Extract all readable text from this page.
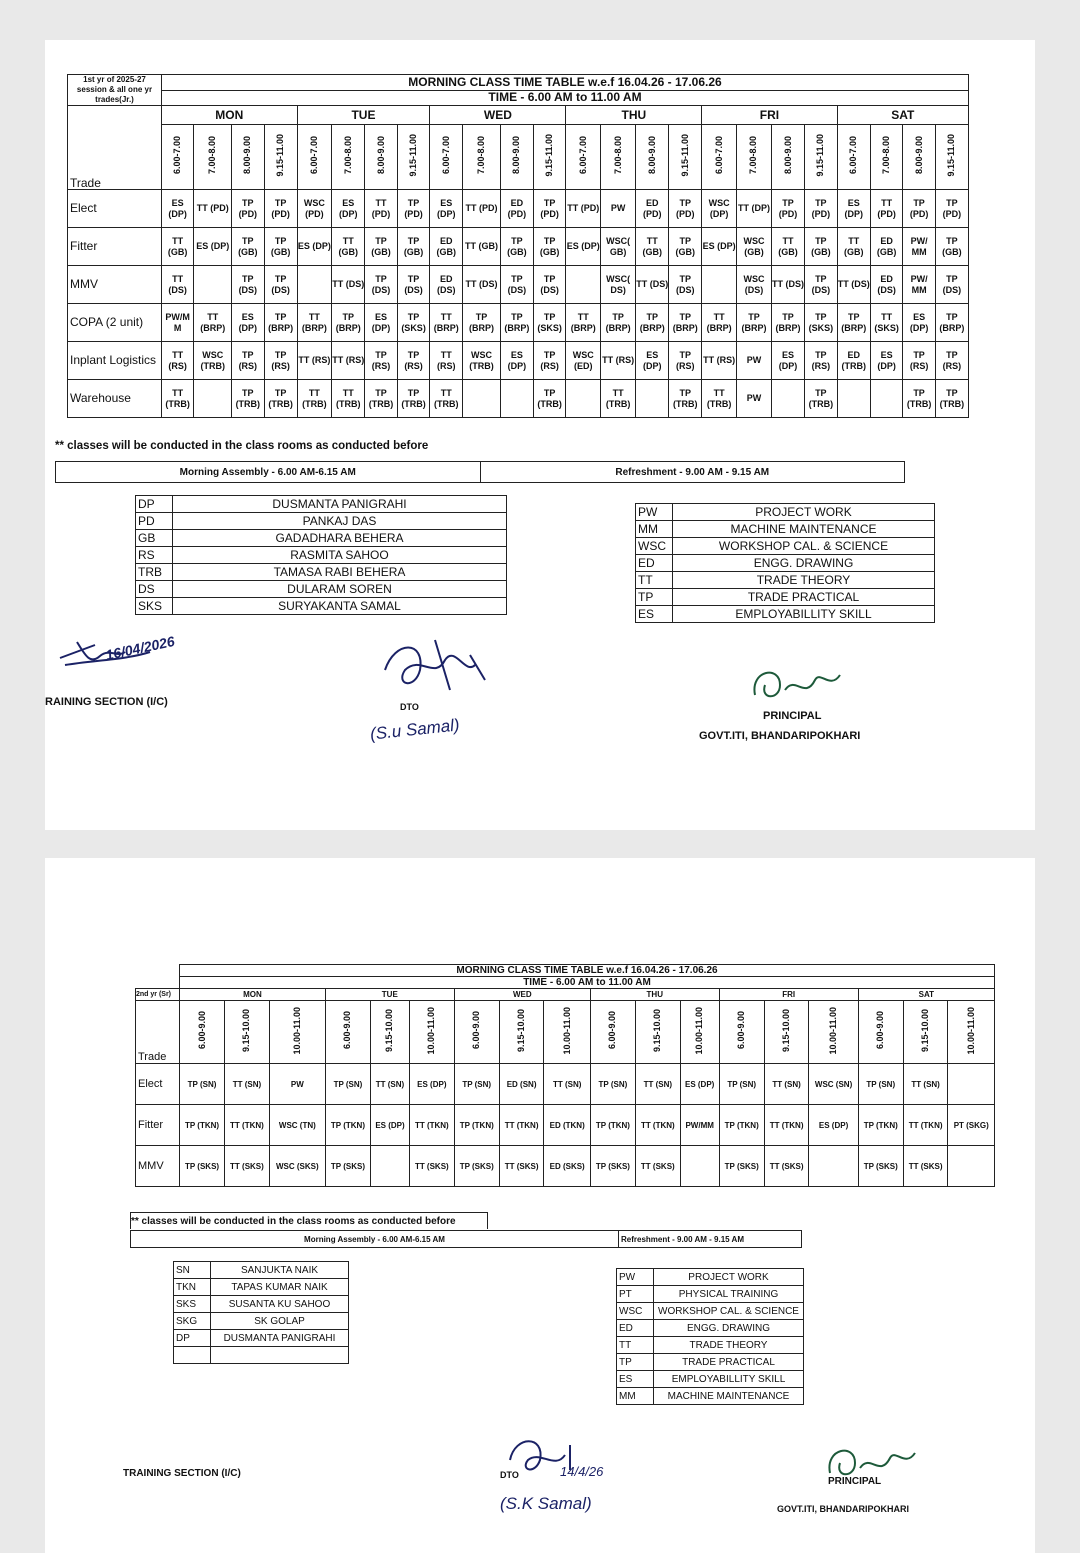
1st yr of 2025-27 session & all one yr trades(Jr.)	MORNING CLASS TIME TABLE w.e.f 16.04.26 - 17.06.26																							
	TIME - 6.00 AM to 11.00 AM																							
Trade	MON				TUE				WED				THU				FRI				SAT			
	6.00-7.00	7.00-8.00	8.00-9.00	9.15-11.00	6.00-7.00	7.00-8.00	8.00-9.00	9.15-11.00	6.00-7.00	7.00-8.00	8.00-9.00	9.15-11.00	6.00-7.00	7.00-8.00	8.00-9.00	9.15-11.00	6.00-7.00	7.00-8.00	8.00-9.00	9.15-11.00	6.00-7.00	7.00-8.00	8.00-9.00	9.15-11.00
Elect	ES (DP)	TT (PD)	TP (PD)	TP (PD)	WSC (PD)	ES (DP)	TT (PD)	TP (PD)	ES (DP)	TT (PD)	ED (PD)	TP (PD)	TT (PD)	PW	ED (PD)	TP (PD)	WSC (DP)	TT (DP)	TP (PD)	TP (PD)	ES (DP)	TT (PD)	TP (PD)	TP (PD)
Fitter	TT (GB)	ES (DP)	TP (GB)	TP (GB)	ES (DP)	TT (GB)	TP (GB)	TP (GB)	ED (GB)	TT (GB)	TP (GB)	TP (GB)	ES (DP)	WSC( GB)	TT (GB)	TP (GB)	ES (DP)	WSC (GB)	TT (GB)	TP (GB)	TT (GB)	ED (GB)	PW/ MM	TP (GB)
MMV	TT (DS)		TP (DS)	TP (DS)		TT (DS)	TP (DS)	TP (DS)	ED (DS)	TT (DS)	TP (DS)	TP (DS)		WSC( DS)	TT (DS)	TP (DS)		WSC (DS)	TT (DS)	TP (DS)	TT (DS)	ED (DS)	PW/ MM	TP (DS)
COPA (2 unit)	PW/M M	TT (BRP)	ES (DP)	TP (BRP)	TT (BRP)	TP (BRP)	ES (DP)	TP (SKS)	TT (BRP)	TP (BRP)	TP (BRP)	TP (SKS)	TT (BRP)	TP (BRP)	TP (BRP)	TP (BRP)	TT (BRP)	TP (BRP)	TP (BRP)	TP (SKS)	TP (BRP)	TT (SKS)	ES (DP)	TP (BRP)
Inplant Logistics	TT (RS)	WSC (TRB)	TP (RS)	TP (RS)	TT (RS)	TT (RS)	TP (RS)	TP (RS)	TT (RS)	WSC (TRB)	ES (DP)	TP (RS)	WSC (ED)	TT (RS)	ES (DP)	TP (RS)	TT (RS)	PW	ES (DP)	TP (RS)	ED (TRB)	ES (DP)	TP (RS)	TP (RS)
Warehouse	TT (TRB)		TP (TRB)	TP (TRB)	TT (TRB)	TT (TRB)	TP (TRB)	TP (TRB)	TT (TRB)			TP (TRB)		TT (TRB)		TP (TRB)	TT (TRB)	PW		TP (TRB)			TP (TRB)	TP (TRB)
** classes will be conducted in the class rooms as conducted before
Morning Assembly - 6.00 AM-6.15 AM	Refreshment - 9.00 AM - 9.15 AM
DP	DUSMANTA PANIGRAHI
PD	PANKAJ DAS
GB	GADADHARA BEHERA
RS	RASMITA SAHOO
TRB	TAMASA RABI BEHERA
DS	DULARAM SOREN
SKS	SURYAKANTA SAMAL
PW	PROJECT WORK
MM	MACHINE MAINTENANCE
WSC	WORKSHOP CAL. & SCIENCE
ED	ENGG. DRAWING
TT	TRADE THEORY
TP	TRADE PRACTICAL
ES	EMPLOYABILLITY SKILL
16/04/2026
RAINING SECTION (I/C)	DTO
(S.u Samal)	PRINCIPAL
GOVT.ITI, BHANDARIPOKHARI
	MORNING CLASS TIME TABLE w.e.f 16.04.26 - 17.06.26																	
	TIME - 6.00 AM to 11.00 AM																	
2nd yr (Sr)	MON			TUE			WED			THU			FRI			SAT		
Trade	6.00-9.00	9.15-10.00	10.00-11.00	6.00-9.00	9.15-10.00	10.00-11.00	6.00-9.00	9.15-10.00	10.00-11.00	6.00-9.00	9.15-10.00	10.00-11.00	6.00-9.00	9.15-10.00	10.00-11.00	6.00-9.00	9.15-10.00	10.00-11.00
Elect	TP (SN)	TT (SN)	PW	TP (SN)	TT (SN)	ES (DP)	TP (SN)	ED (SN)	TT (SN)	TP (SN)	TT (SN)	ES (DP)	TP (SN)	TT (SN)	WSC (SN)	TP (SN)	TT (SN)	
Fitter	TP (TKN)	TT (TKN)	WSC (TN)	TP (TKN)	ES (DP)	TT (TKN)	TP (TKN)	TT (TKN)	ED (TKN)	TP (TKN)	TT (TKN)	PW/MM	TP (TKN)	TT (TKN)	ES (DP)	TP (TKN)	TT (TKN)	PT (SKG)
MMV	TP (SKS)	TT (SKS)	WSC (SKS)	TP (SKS)		TT (SKS)	TP (SKS)	TT (SKS)	ED (SKS)	TP (SKS)	TT (SKS)		TP (SKS)	TT (SKS)		TP (SKS)	TT (SKS)	
** classes will be conducted in the class rooms as conducted before
Morning Assembly - 6.00 AM-6.15 AM	Refreshment - 9.00 AM - 9.15 AM
SN	SANJUKTA NAIK
TKN	TAPAS KUMAR NAIK
SKS	SUSANTA KU SAHOO
SKG	SK GOLAP
DP	DUSMANTA PANIGRAHI

PW	PROJECT WORK
PT	PHYSICAL TRAINING
WSC	WORKSHOP CAL. & SCIENCE
ED	ENGG. DRAWING
TT	TRADE THEORY
TP	TRADE PRACTICAL
ES	EMPLOYABILLITY SKILL
MM	MACHINE MAINTENANCE
TRAINING SECTION (I/C)	DTO	14/4/26
(S.K Samal)
PRINCIPAL
GOVT.ITI, BHANDARIPOKHARI
